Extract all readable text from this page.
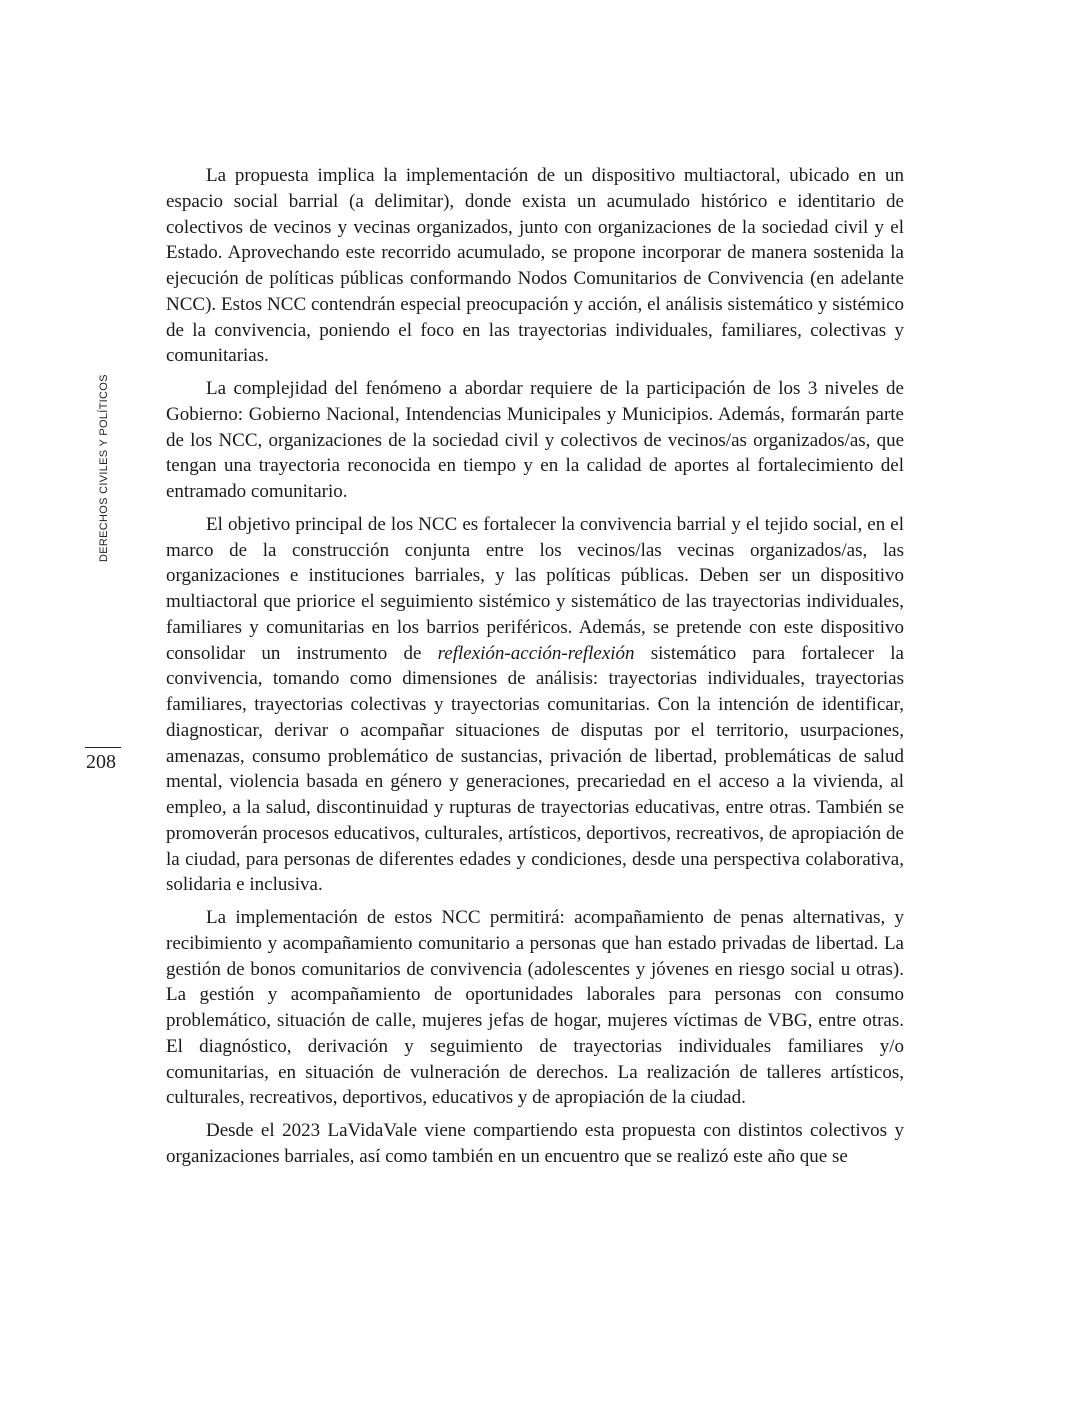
DERECHOS CIVILES Y POLÍTICOS
208

La propuesta implica la implementación de un dispositivo multiactoral, ubicado en un espacio social barrial (a delimitar), donde exista un acumulado histórico e identitario de colectivos de vecinos y vecinas organizados, junto con organizaciones de la sociedad civil y el Estado. Aprovechando este recorrido acumulado, se propone incorporar de manera sostenida la ejecución de políticas públicas conformando Nodos Comunitarios de Convivencia (en adelante NCC). Estos NCC contendrán especial preocupación y acción, el análisis sistemático y sistémico de la convivencia, poniendo el foco en las trayectorias individuales, familiares, colectivas y comunitarias.

La complejidad del fenómeno a abordar requiere de la participación de los 3 niveles de Gobierno: Gobierno Nacional, Intendencias Municipales y Municipios. Además, formarán parte de los NCC, organizaciones de la sociedad civil y colectivos de vecinos/as organizados/as, que tengan una trayectoria reconocida en tiempo y en la calidad de aportes al fortalecimiento del entramado comunitario.

El objetivo principal de los NCC es fortalecer la convivencia barrial y el tejido social, en el marco de la construcción conjunta entre los vecinos/las vecinas organizados/as, las organizaciones e instituciones barriales, y las políticas públicas. Deben ser un dispositivo multiactoral que priorice el seguimiento sistémico y sistemático de las trayectorias individuales, familiares y comunitarias en los barrios periféricos. Además, se pretende con este dispositivo consolidar un instrumento de reflexión-acción-reflexión sistemático para fortalecer la convivencia, tomando como dimensiones de análisis: trayectorias individuales, trayectorias familiares, trayectorias colectivas y trayectorias comunitarias. Con la intención de identificar, diagnosticar, derivar o acompañar situaciones de disputas por el territorio, usurpaciones, amenazas, consumo problemático de sustancias, privación de libertad, problemáticas de salud mental, violencia basada en género y generaciones, precariedad en el acceso a la vivienda, al empleo, a la salud, discontinuidad y rupturas de trayectorias educativas, entre otras. También se promoverán procesos educativos, culturales, artísticos, deportivos, recreativos, de apropiación de la ciudad, para personas de diferentes edades y condiciones, desde una perspectiva colaborativa, solidaria e inclusiva.

La implementación de estos NCC permitirá: acompañamiento de penas alternativas, y recibimiento y acompañamiento comunitario a personas que han estado privadas de libertad. La gestión de bonos comunitarios de convivencia (adolescentes y jóvenes en riesgo social u otras). La gestión y acompañamiento de oportunidades laborales para personas con consumo problemático, situación de calle, mujeres jefas de hogar, mujeres víctimas de VBG, entre otras. El diagnóstico, derivación y seguimiento de trayectorias individuales familiares y/o comunitarias, en situación de vulneración de derechos. La realización de talleres artísticos, culturales, recreativos, deportivos, educativos y de apropiación de la ciudad.

Desde el 2023 LaVidaVale viene compartiendo esta propuesta con distintos colectivos y organizaciones barriales, así como también en un encuentro que se realizó este año que se
